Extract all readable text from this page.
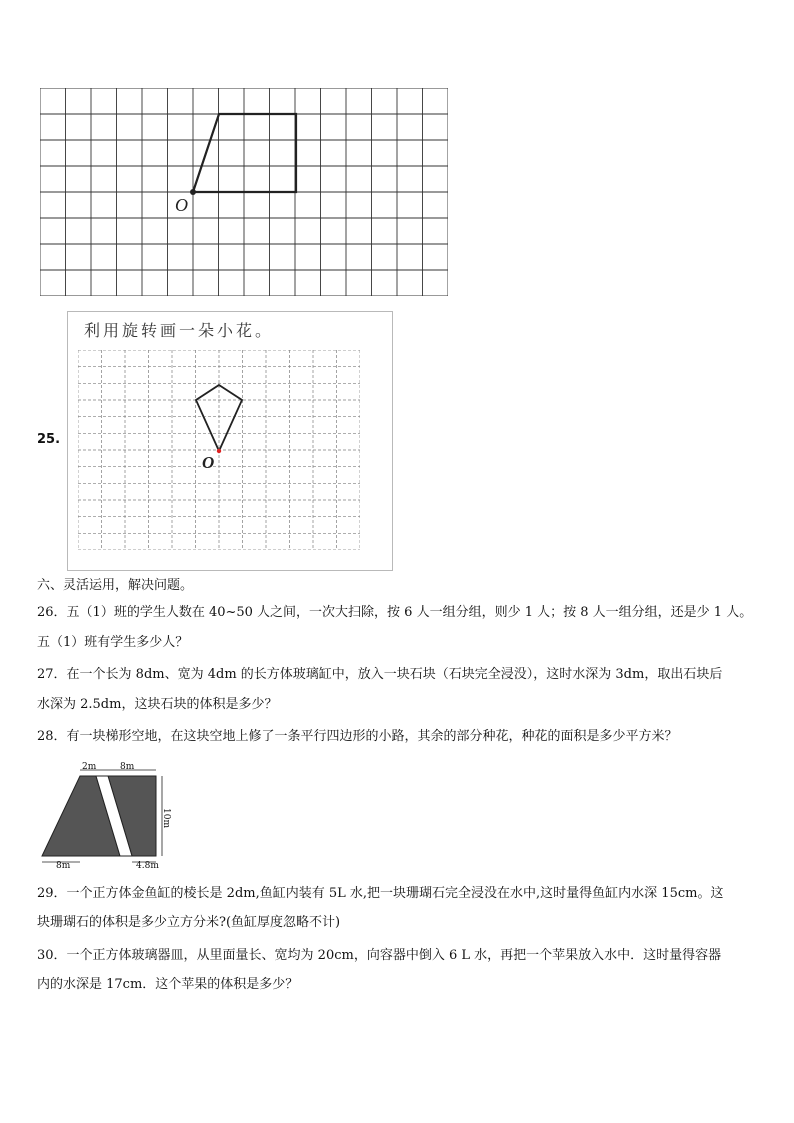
O
25.
利用旋转画一朵小花。
O
六、灵活运用，解决问题。
26．五（1）班的学生人数在 40~50 人之间，一次大扫除，按 6 人一组分组，则少 1 人；按 8 人一组分组，还是少 1 人。
五（1）班有学生多少人？
27．在一个长为 8dm、宽为 4dm 的长方体玻璃缸中，放入一块石块（石块完全浸没），这时水深为 3dm，取出石块后
水深为 2.5dm，这块石块的体积是多少？
28．有一块梯形空地，在这块空地上修了一条平行四边形的小路，其余的部分种花，种花的面积是多少平方米？
2m	8m
10m
8m	4.8m
29．一个正方体金鱼缸的棱长是 2dm,鱼缸内装有 5L 水,把一块珊瑚石完全浸没在水中,这时量得鱼缸内水深 15cm。这
块珊瑚石的体积是多少立方分米?(鱼缸厚度忽略不计)
30．一个正方体玻璃器皿，从里面量长、宽均为 20cm，向容器中倒入 6 L 水，再把一个苹果放入水中．这时量得容器
内的水深是 17cm．这个苹果的体积是多少？
